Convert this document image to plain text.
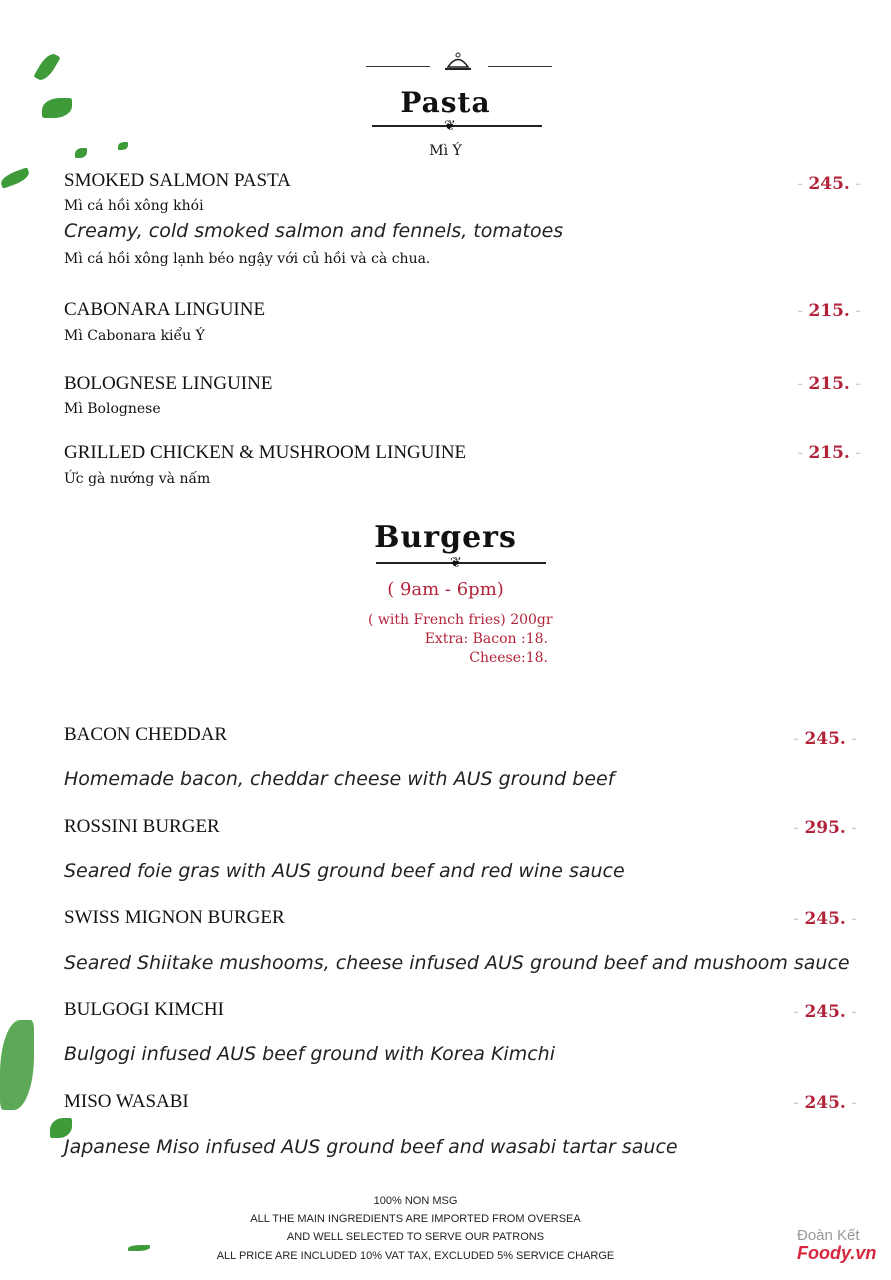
Pasta
❦
Mì Ý
SMOKED SALMON PASTA	- 245. -
Mì cá hồi xông khói
Creamy, cold smoked salmon and fennels, tomatoes
Mì cá hồi xông lạnh béo ngậy với củ hồi và cà chua.
CABONARA LINGUINE	- 215. -
Mì Cabonara kiểu Ý
BOLOGNESE LINGUINE	- 215. -
Mì Bolognese
GRILLED CHICKEN & MUSHROOM LINGUINE	- 215. -
Ức gà nướng và nấm
Burgers
❦
( 9am - 6pm)
( with French fries) 200gr
Extra: Bacon :18.
Cheese:18.
BACON CHEDDAR	- 245. -
Homemade bacon, cheddar cheese with AUS ground beef
ROSSINI BURGER	- 295. -
Seared foie gras with AUS ground beef and red wine sauce
SWISS MIGNON BURGER	- 245. -
Seared Shiitake mushooms, cheese infused AUS ground beef and mushoom sauce
BULGOGI KIMCHI	- 245. -
Bulgogi infused AUS beef ground with Korea Kimchi
MISO WASABI	- 245. -
Japanese Miso infused AUS ground beef and wasabi tartar sauce
100% NON MSG
ALL THE MAIN INGREDIENTS ARE IMPORTED FROM OVERSEA
AND WELL SELECTED TO SERVE OUR PATRONS
ALL PRICE ARE INCLUDED 10% VAT TAX, EXCLUDED 5% SERVICE CHARGE
Đoàn Kết
Foody.vn
